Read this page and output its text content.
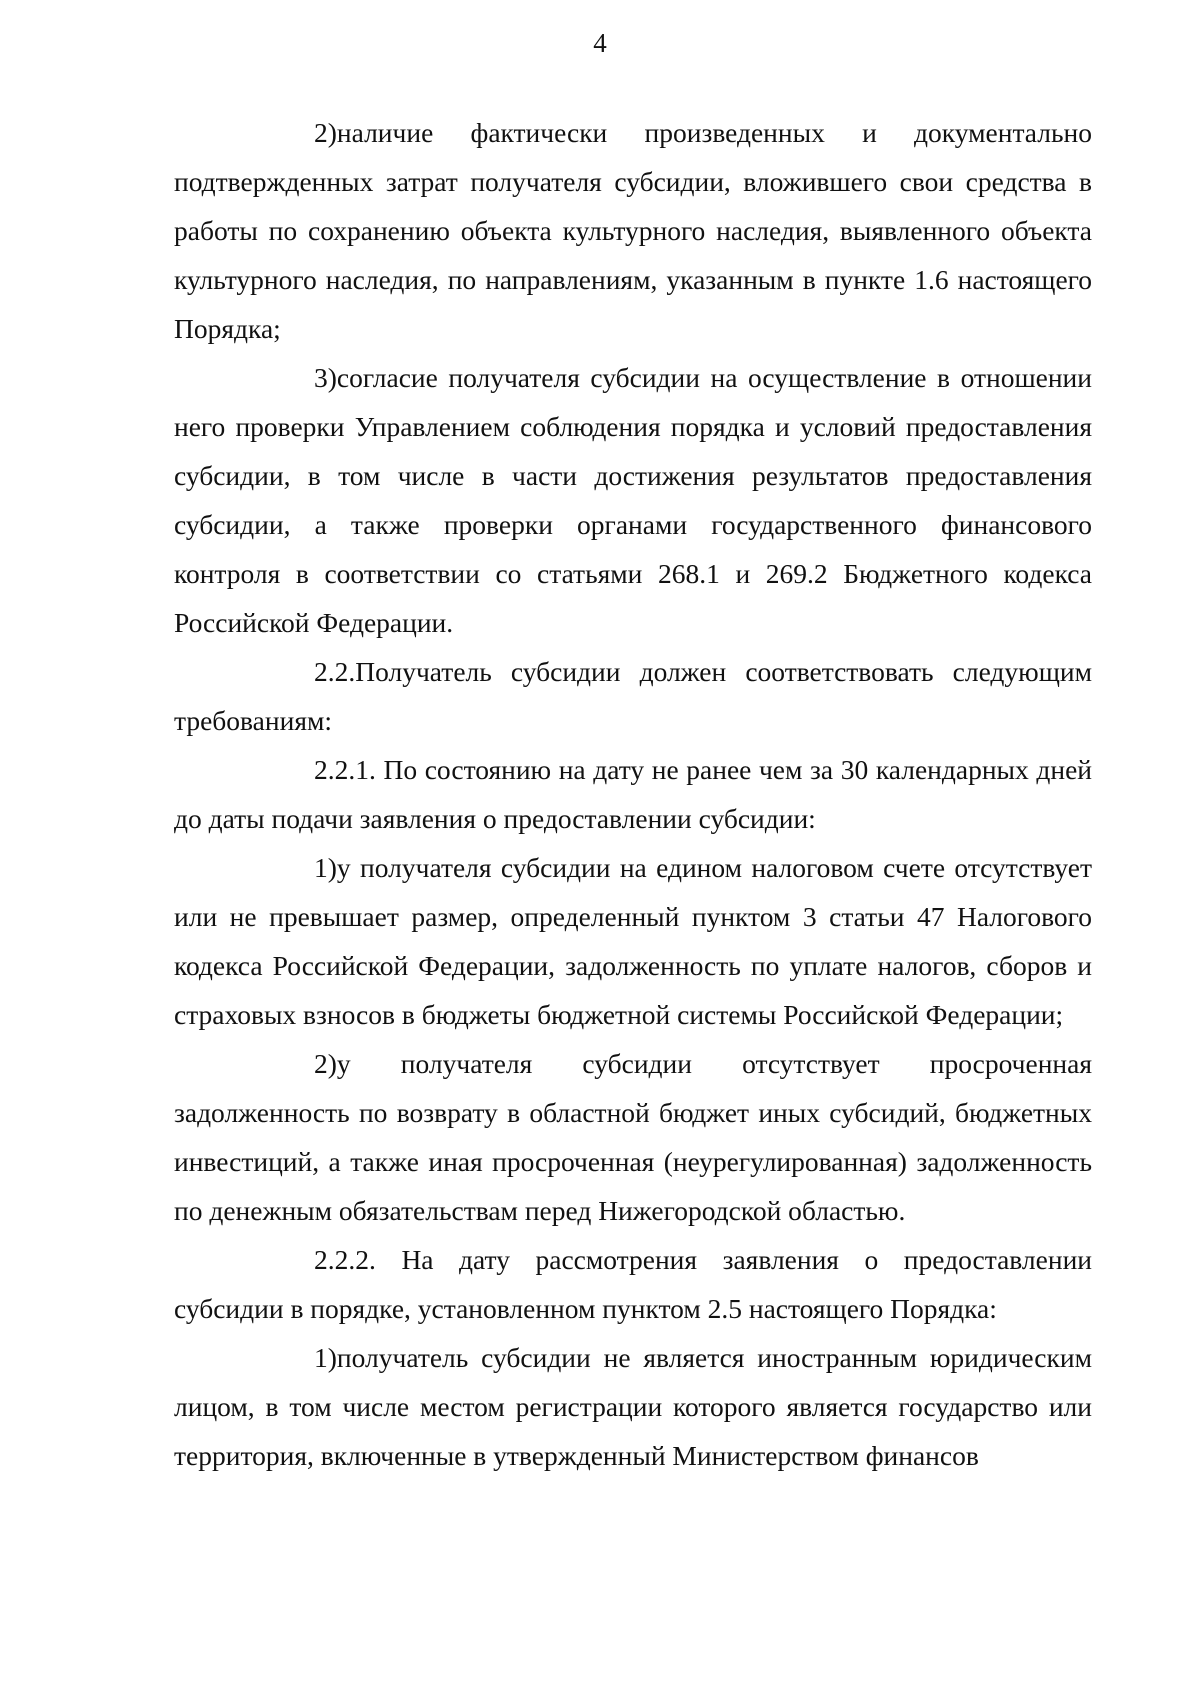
4

2)наличие фактически произведенных и документально подтвержденных затрат получателя субсидии, вложившего свои средства в работы по сохранению объекта культурного наследия, выявленного объекта культурного наследия, по направлениям, указанным в пункте 1.6 настоящего Порядка;

3)согласие получателя субсидии на осуществление в отношении него проверки Управлением соблюдения порядка и условий предоставления субсидии, в том числе в части достижения результатов предоставления субсидии, а также проверки органами государственного финансового контроля в соответствии со статьями 268.1 и 269.2 Бюджетного кодекса Российской Федерации.

2.2.Получатель субсидии должен соответствовать следующим требованиям:

2.2.1. По состоянию на дату не ранее чем за 30 календарных дней до даты подачи заявления о предоставлении субсидии:

1)у получателя субсидии на едином налоговом счете отсутствует или не превышает размер, определенный пунктом 3 статьи 47 Налогового кодекса Российской Федерации, задолженность по уплате налогов, сборов и страховых взносов в бюджеты бюджетной системы Российской Федерации;

2)у получателя субсидии отсутствует просроченная задолженность по возврату в областной бюджет иных субсидий, бюджетных инвестиций, а также иная просроченная (неурегулированная) задолженность по денежным обязательствам перед Нижегородской областью.

2.2.2. На дату рассмотрения заявления о предоставлении субсидии в порядке, установленном пунктом 2.5 настоящего Порядка:

1)получатель субсидии не является иностранным юридическим лицом, в том числе местом регистрации которого является государство или территория, включенные в утвержденный Министерством финансов
